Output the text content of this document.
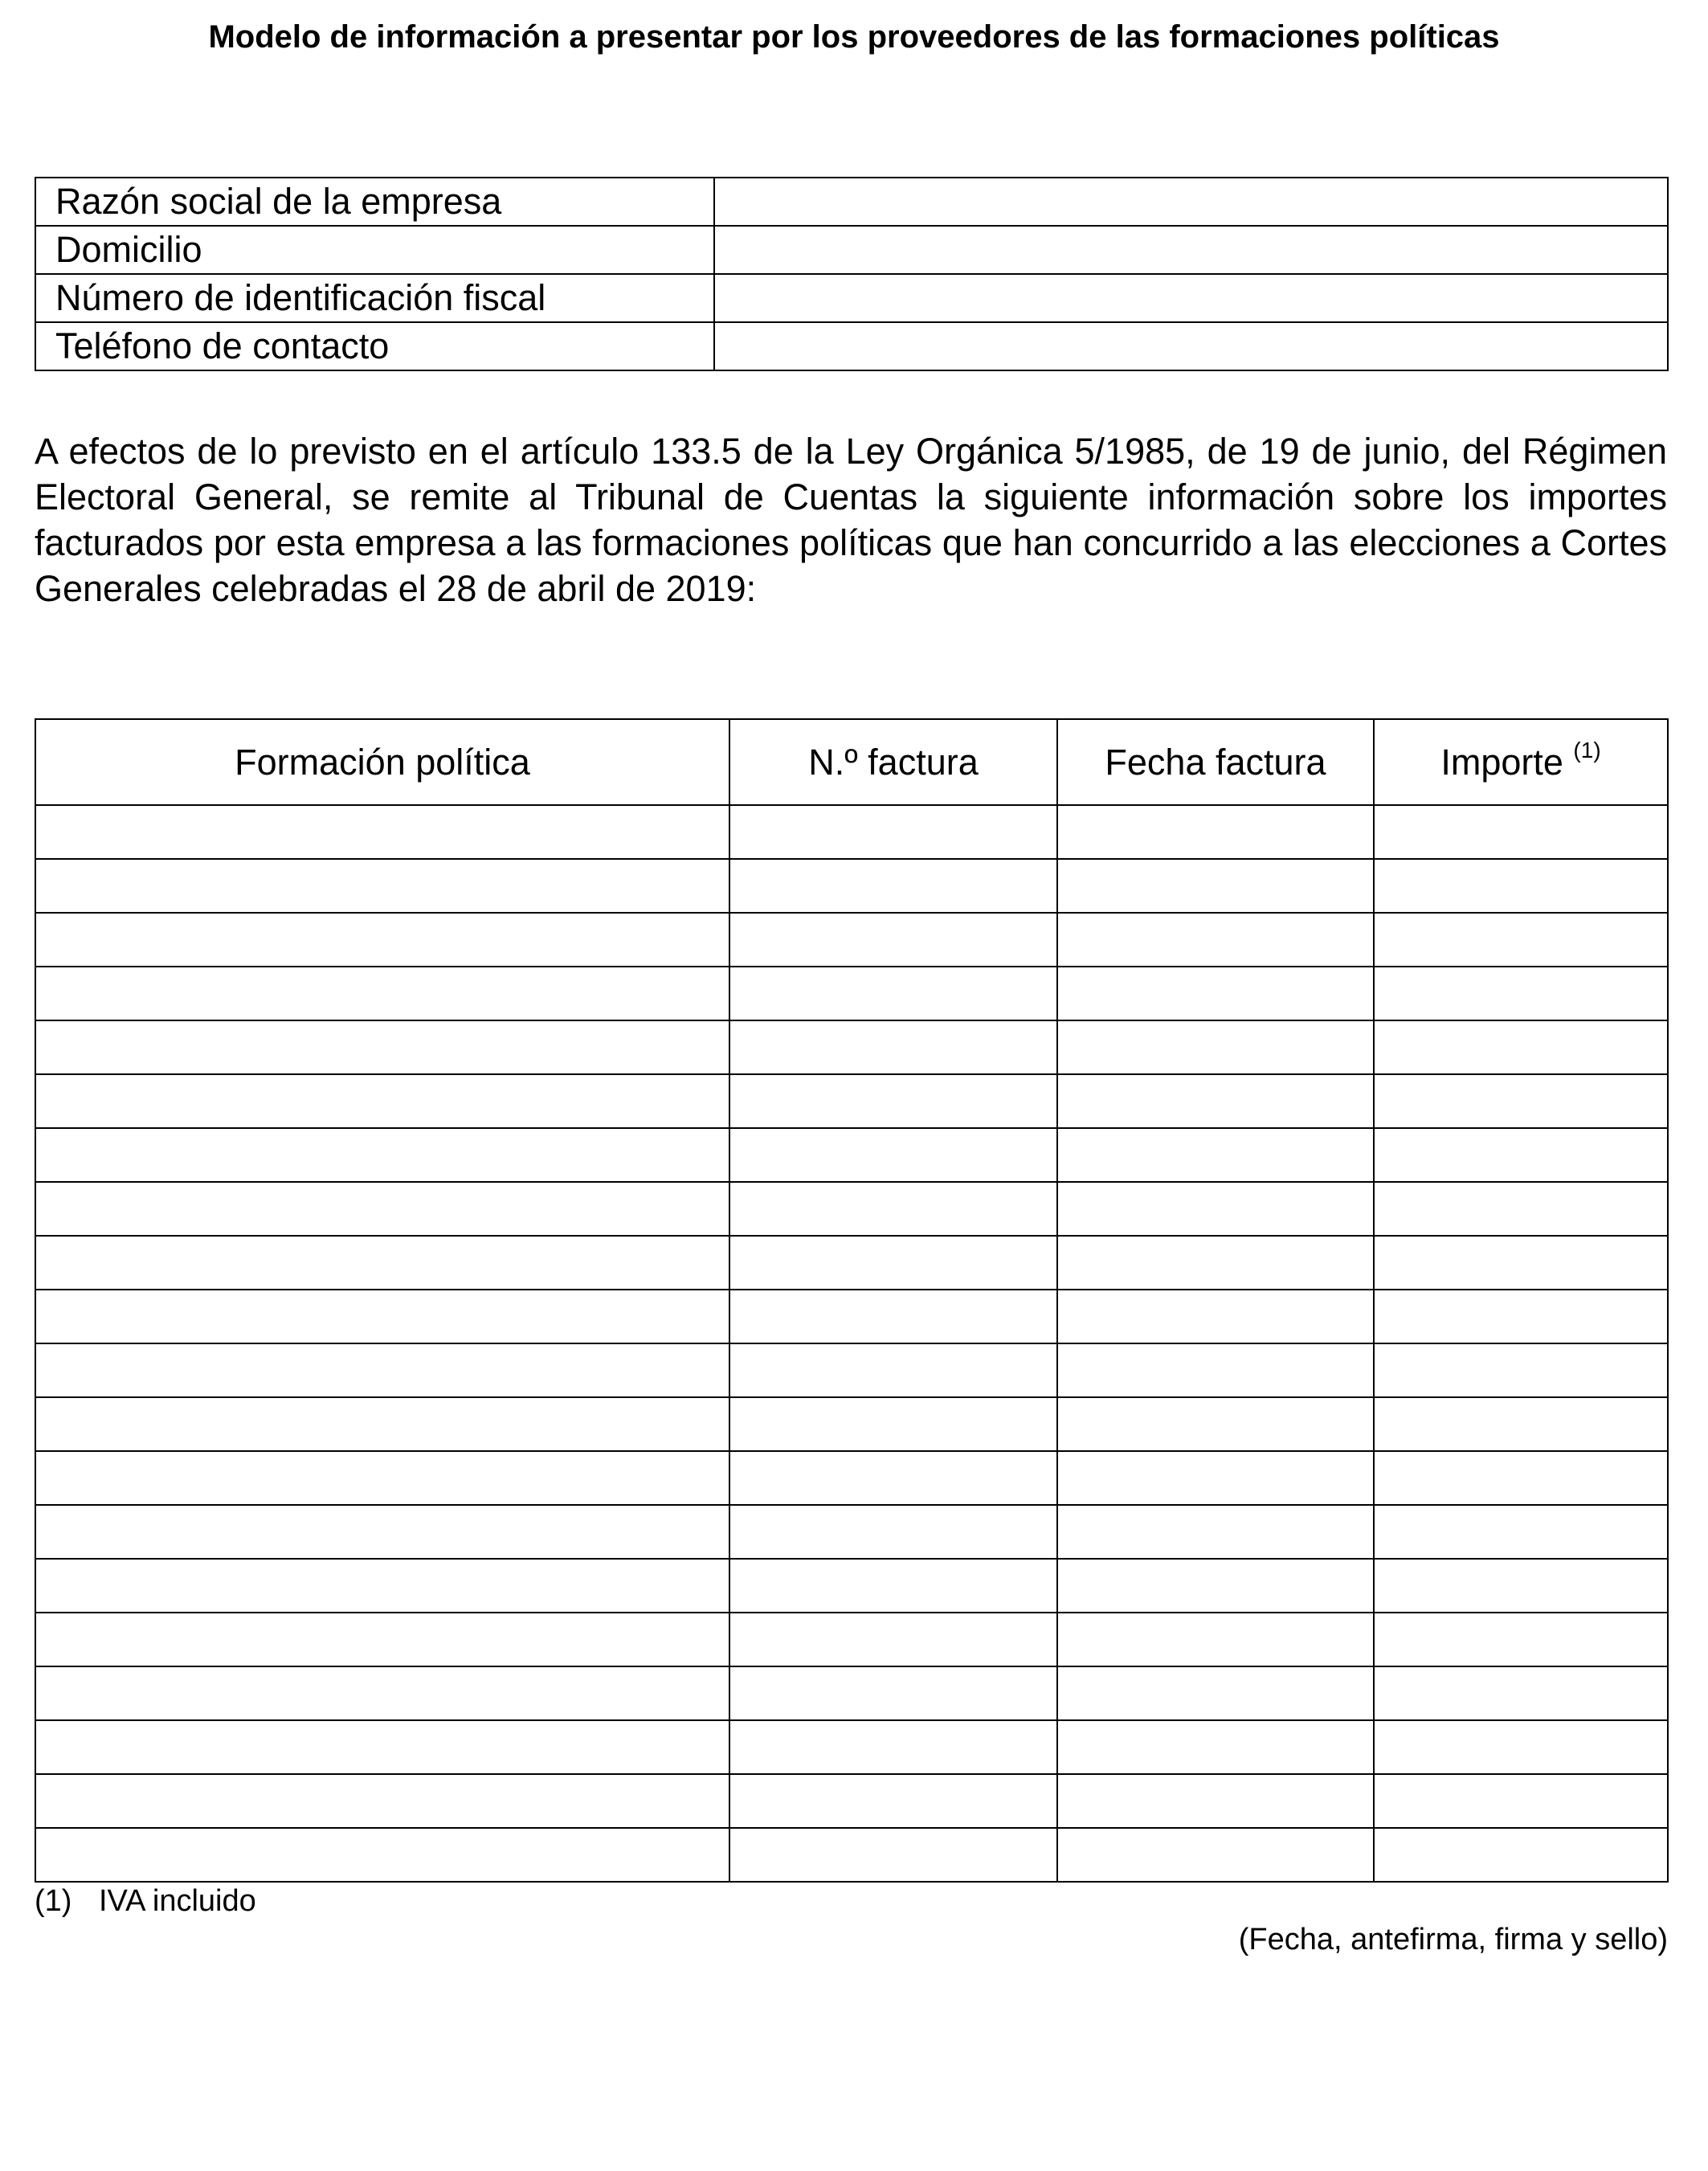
Modelo de información a presentar por los proveedores de las formaciones políticas
Razón social de la empresa	
Domicilio	
Número de identificación fiscal	
Teléfono de contacto	
A efectos de lo previsto en el artículo 133.5 de la Ley Orgánica 5/1985, de 19 de junio, del Régimen Electoral General, se remite al Tribunal de Cuentas la siguiente información sobre los importes facturados por esta empresa a las formaciones políticas que han concurrido a las elecciones a Cortes Generales celebradas el 28 de abril de 2019:
Formación política	N.º factura	Fecha factura	Importe $^{(1)}$

(1) IVA incluido
(Fecha, antefirma, firma y sello)
